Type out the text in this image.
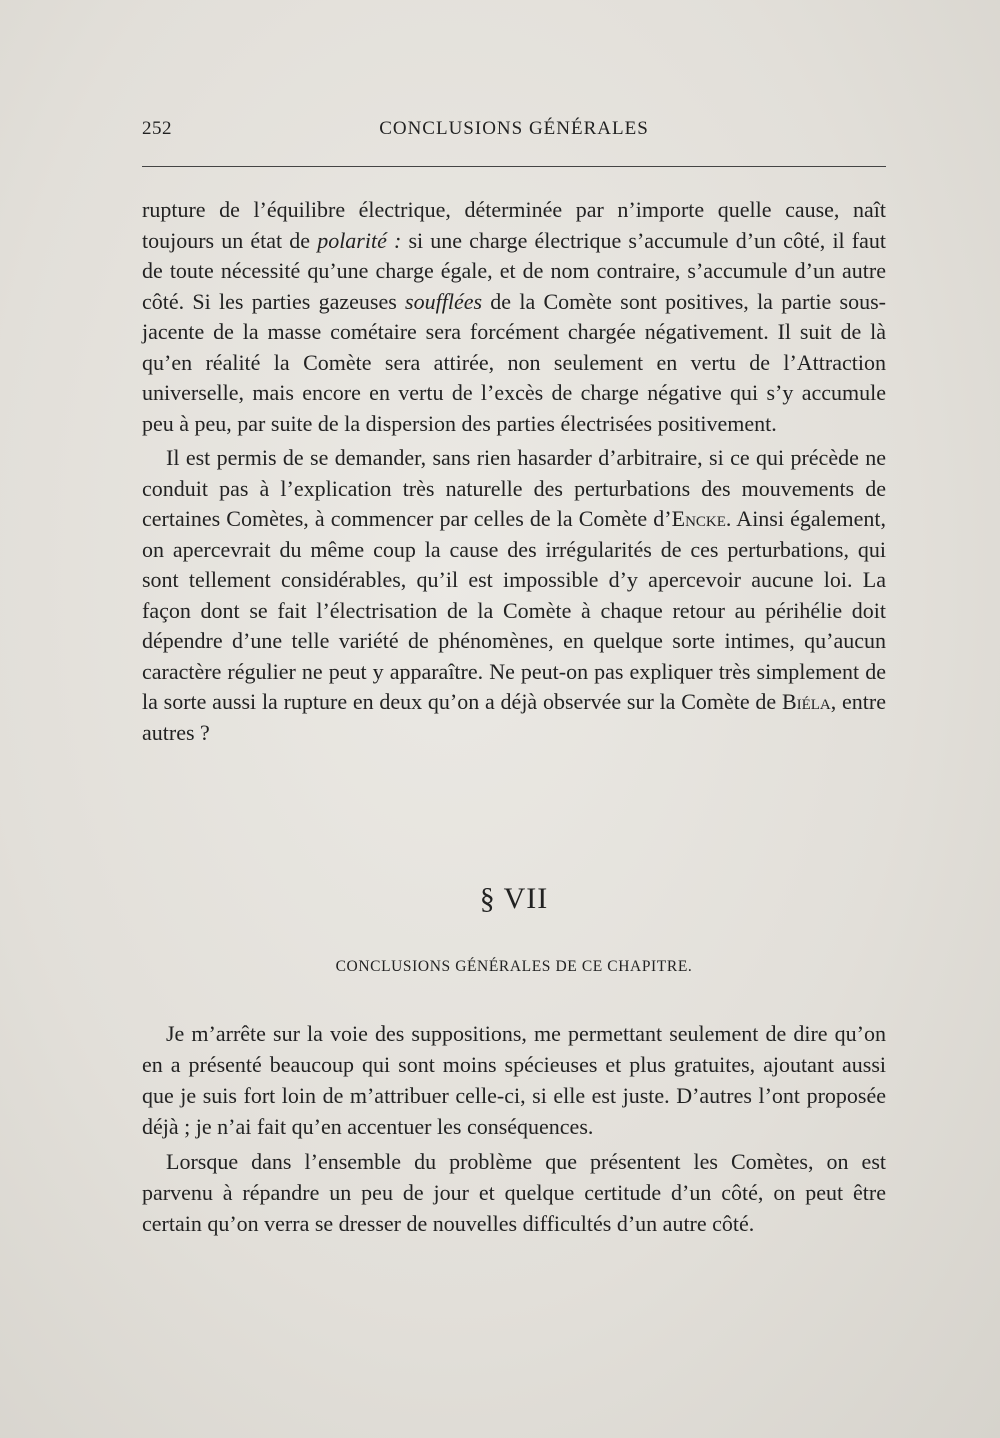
252	CONCLUSIONS GÉNÉRALES

rupture de l’équilibre électrique, déterminée par n’importe quelle cause, naît toujours un état de polarité : si une charge électrique s’accumule d’un côté, il faut de toute nécessité qu’une charge égale, et de nom contraire, s’accumule d’un autre côté. Si les parties gazeuses soufflées de la Comète sont positives, la partie sous-jacente de la masse cométaire sera forcément chargée négativement. Il suit de là qu’en réalité la Comète sera attirée, non seulement en vertu de l’Attraction universelle, mais encore en vertu de l’excès de charge négative qui s’y accumule peu à peu, par suite de la dispersion des parties électrisées positivement.

Il est permis de se demander, sans rien hasarder d’arbitraire, si ce qui précède ne conduit pas à l’explication très naturelle des perturbations des mouvements de certaines Comètes, à commencer par celles de la Comète d’Encke. Ainsi également, on apercevrait du même coup la cause des irrégularités de ces perturbations, qui sont tellement considérables, qu’il est impossible d’y apercevoir aucune loi. La façon dont se fait l’électrisation de la Comète à chaque retour au périhélie doit dépendre d’une telle variété de phénomènes, en quelque sorte intimes, qu’aucun caractère régulier ne peut y apparaître. Ne peut-on pas expliquer très simplement de la sorte aussi la rupture en deux qu’on a déjà observée sur la Comète de Biéla, entre autres ?

§ VII
CONCLUSIONS GÉNÉRALES DE CE CHAPITRE.

Je m’arrête sur la voie des suppositions, me permettant seulement de dire qu’on en a présenté beaucoup qui sont moins spécieuses et plus gratuites, ajoutant aussi que je suis fort loin de m’attribuer celle-ci, si elle est juste. D’autres l’ont proposée déjà ; je n’ai fait qu’en accentuer les conséquences.

Lorsque dans l’ensemble du problème que présentent les Comètes, on est parvenu à répandre un peu de jour et quelque certitude d’un côté, on peut être certain qu’on verra se dresser de nouvelles difficultés d’un autre côté.
